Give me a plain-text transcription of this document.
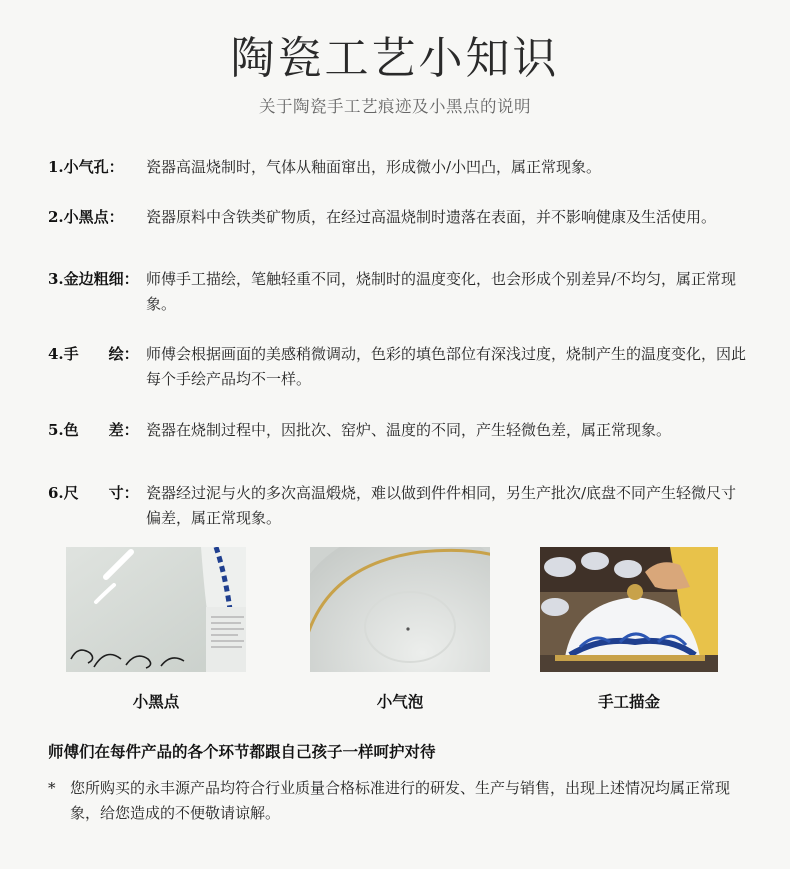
陶瓷工艺小知识
关于陶瓷手工艺痕迹及小黑点的说明
1.小气孔：	瓷器高温烧制时，气体从釉面窜出，形成微小/小凹凸，属正常现象。
2.小黑点：	瓷器原料中含铁类矿物质，在经过高温烧制时遗落在表面，并不影响健康及生活使用。
3.金边粗细： 师傅手工描绘，笔触轻重不同，烧制时的温度变化，也会形成个别差异/不均匀，属正常现象。
4.手　　绘： 师傅会根据画面的美感稍微调动，色彩的填色部位有深浅过度，烧制产生的温度变化，因此每个手绘产品均不一样。
5.色　　差： 瓷器在烧制过程中，因批次、窑炉、温度的不同，产生轻微色差，属正常现象。
6.尺　　寸： 瓷器经过泥与火的多次高温煅烧，难以做到件件相同，另生产批次/底盘不同产生轻微尺寸偏差，属正常现象。
小黑点	小气泡	手工描金
师傅们在每件产品的各个环节都跟自己孩子一样呵护对待
* 您所购买的永丰源产品均符合行业质量合格标准进行的研发、生产与销售，出现上述情况均属正常现象，给您造成的不便敬请谅解。
